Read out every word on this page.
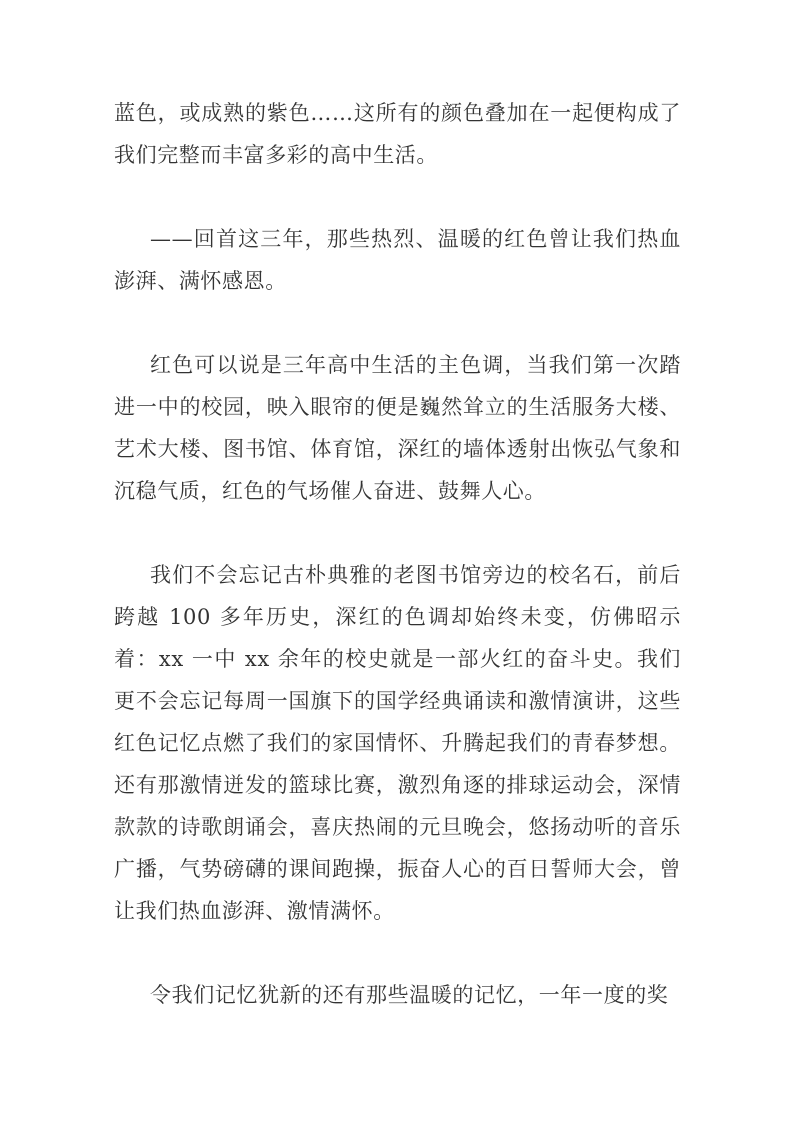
蓝色，或成熟的紫色……这所有的颜色叠加在一起便构成了我们完整而丰富多彩的高中生活。

——回首这三年，那些热烈、温暖的红色曾让我们热血澎湃、满怀感恩。

红色可以说是三年高中生活的主色调，当我们第一次踏进一中的校园，映入眼帘的便是巍然耸立的生活服务大楼、艺术大楼、图书馆、体育馆，深红的墙体透射出恢弘气象和沉稳气质，红色的气场催人奋进、鼓舞人心。

我们不会忘记古朴典雅的老图书馆旁边的校名石，前后跨越 100 多年历史，深红的色调却始终未变，仿佛昭示着：xx 一中 xx 余年的校史就是一部火红的奋斗史。我们更不会忘记每周一国旗下的国学经典诵读和激情演讲，这些红色记忆点燃了我们的家国情怀、升腾起我们的青春梦想。还有那激情迸发的篮球比赛，激烈角逐的排球运动会，深情款款的诗歌朗诵会，喜庆热闹的元旦晚会，悠扬动听的音乐广播，气势磅礴的课间跑操，振奋人心的百日誓师大会，曾让我们热血澎湃、激情满怀。

令我们记忆犹新的还有那些温暖的记忆，一年一度的奖
